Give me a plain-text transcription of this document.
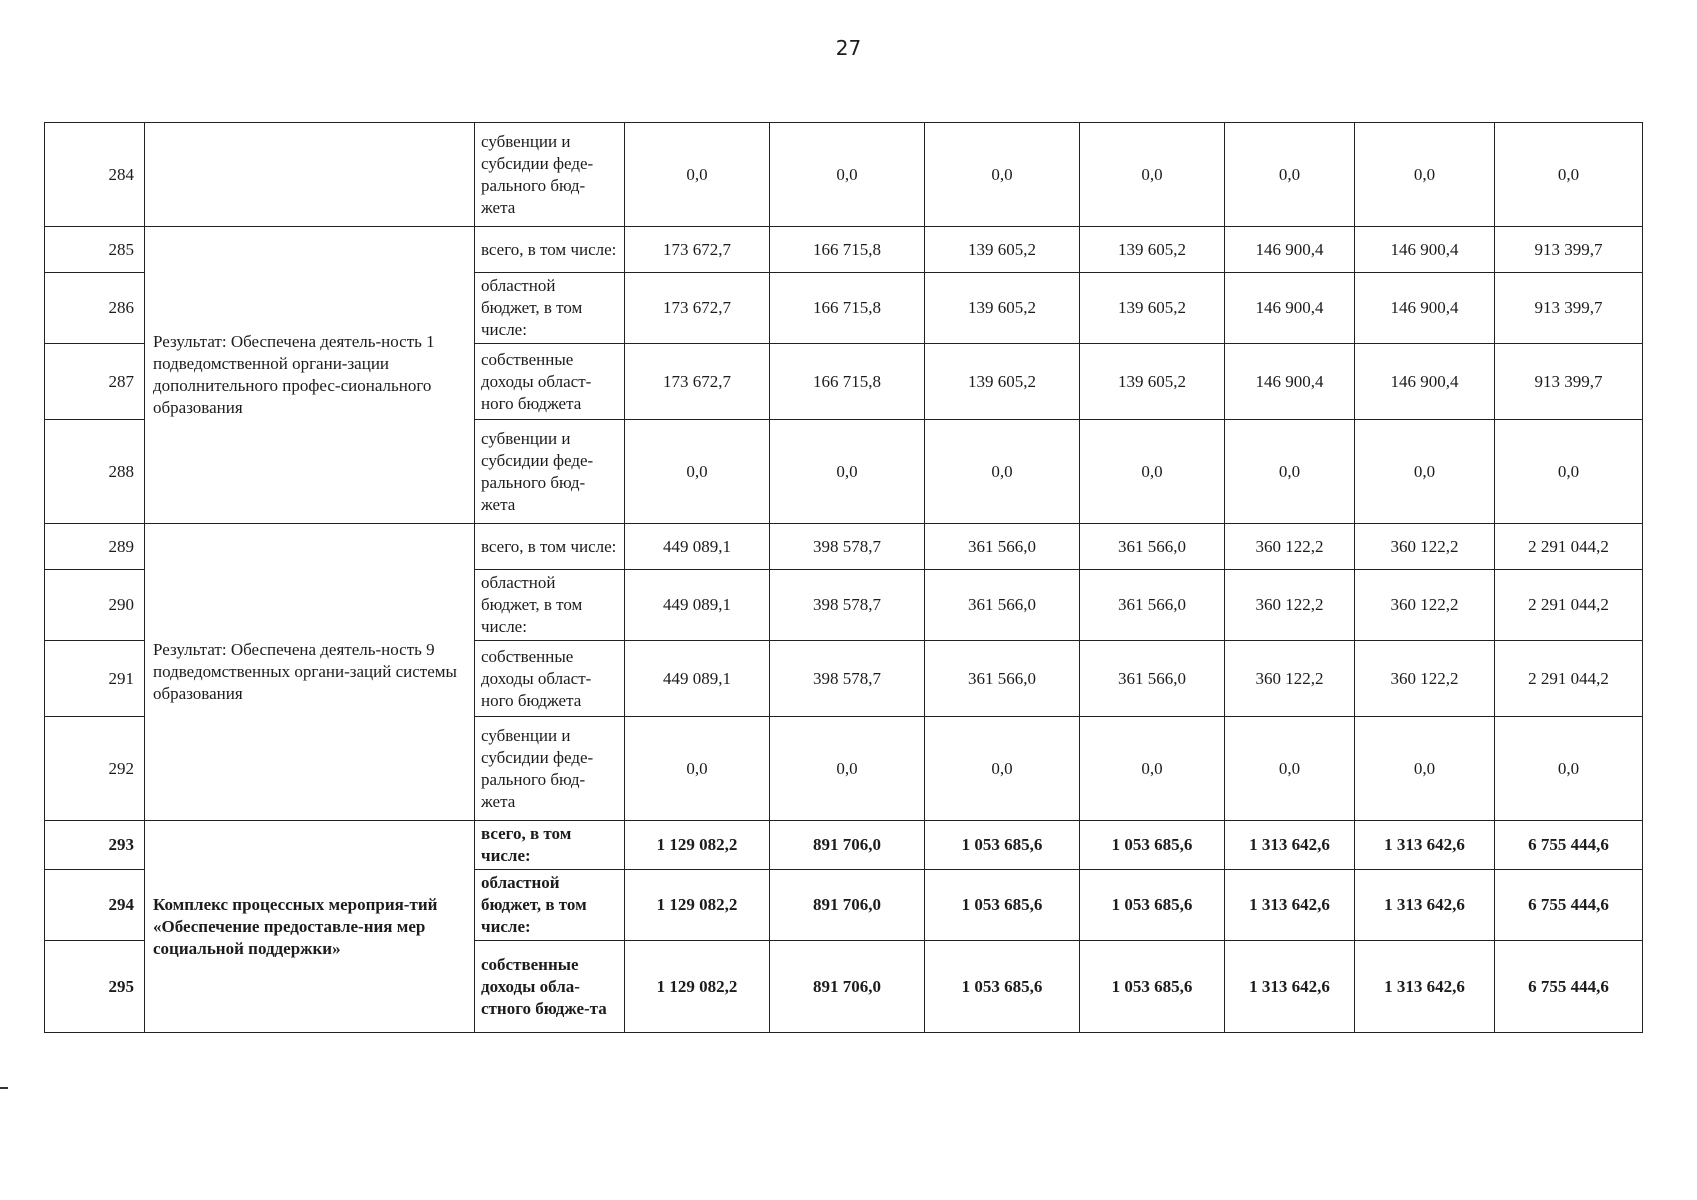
27
284		субвенции и субсидии феде-рального бюд-жета	0,0	0,0	0,0	0,0	0,0	0,0	0,0
285	Результат: Обеспечена деятель-ность 1 подведомственной органи-зации дополнительного профес-сионального образования	всего, в том числе:	173 672,7	166 715,8	139 605,2	139 605,2	146 900,4	146 900,4	913 399,7
286		областной бюджет, в том числе:	173 672,7	166 715,8	139 605,2	139 605,2	146 900,4	146 900,4	913 399,7
287		собственные доходы област-ного бюджета	173 672,7	166 715,8	139 605,2	139 605,2	146 900,4	146 900,4	913 399,7
288		субвенции и субсидии феде-рального бюд-жета	0,0	0,0	0,0	0,0	0,0	0,0	0,0
289	Результат: Обеспечена деятель-ность 9 подведомственных органи-заций системы образования	всего, в том числе:	449 089,1	398 578,7	361 566,0	361 566,0	360 122,2	360 122,2	2 291 044,2
290		областной бюджет, в том числе:	449 089,1	398 578,7	361 566,0	361 566,0	360 122,2	360 122,2	2 291 044,2
291		собственные доходы област-ного бюджета	449 089,1	398 578,7	361 566,0	361 566,0	360 122,2	360 122,2	2 291 044,2
292		субвенции и субсидии феде-рального бюд-жета	0,0	0,0	0,0	0,0	0,0	0,0	0,0
293	Комплекс процессных мероприя-тий «Обеспечение предоставле-ния мер социальной поддержки»	всего, в том числе:	1 129 082,2	891 706,0	1 053 685,6	1 053 685,6	1 313 642,6	1 313 642,6	6 755 444,6
294		областной бюджет, в том числе:	1 129 082,2	891 706,0	1 053 685,6	1 053 685,6	1 313 642,6	1 313 642,6	6 755 444,6
295		собственные доходы обла-стного бюдже-та	1 129 082,2	891 706,0	1 053 685,6	1 053 685,6	1 313 642,6	1 313 642,6	6 755 444,6
